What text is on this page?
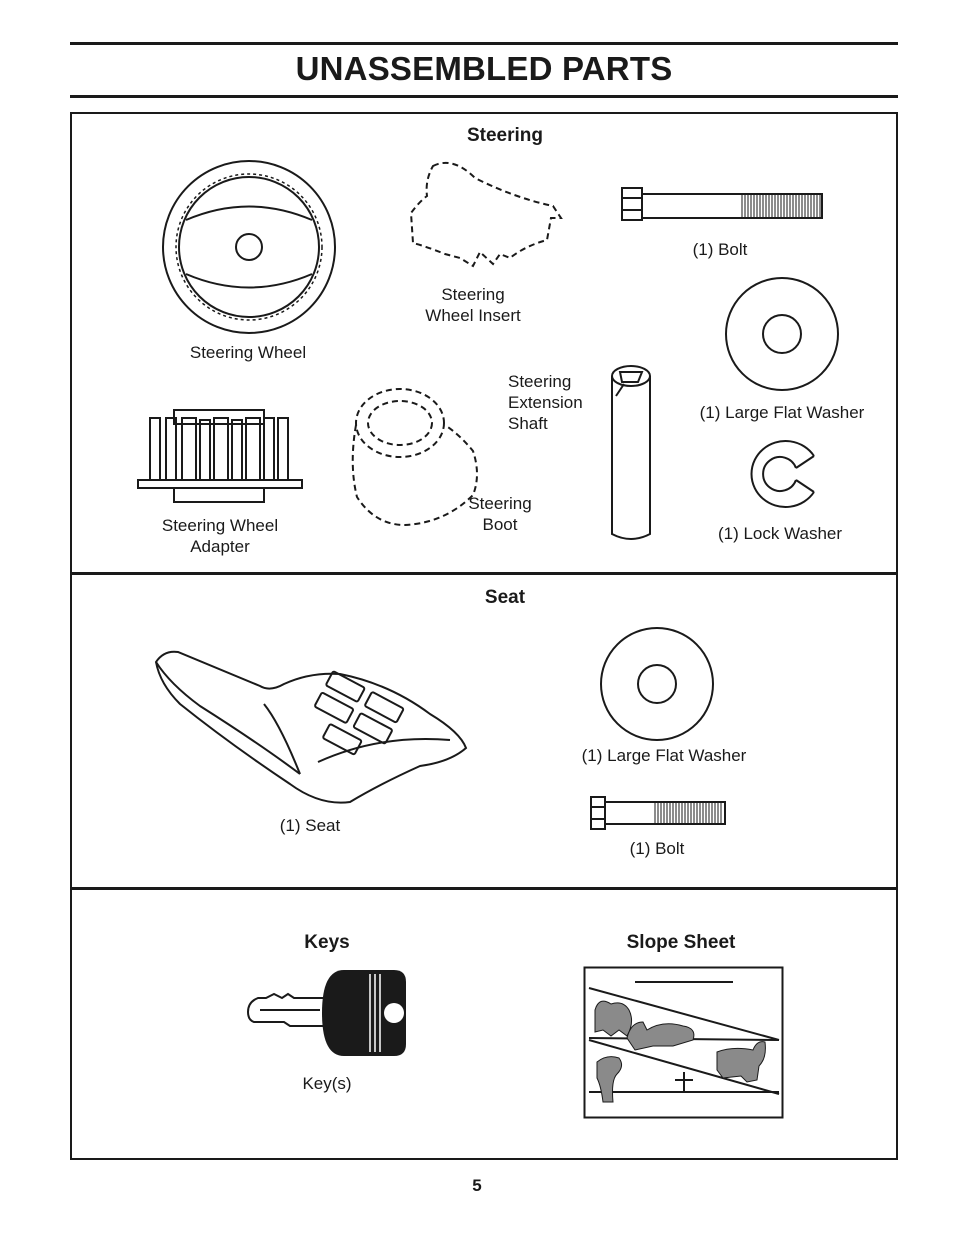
UNASSEMBLED PARTS
Steering
Steering Wheel
Steering
Wheel Insert
(1) Bolt
(1) Large Flat Washer
Steering
Extension
Shaft
Steering Wheel
Adapter
Steering
Boot	(1) Lock Washer
Seat
(1) Seat
(1) Large Flat Washer
(1) Bolt
Keys
Key(s)
Slope Sheet
5
